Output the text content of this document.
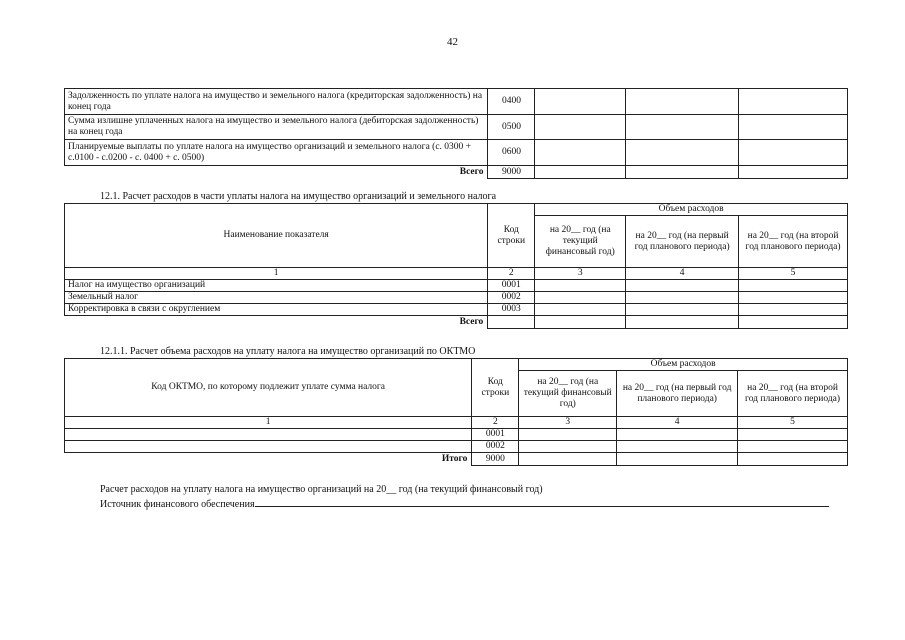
42
Задолженность по уплате налога на имущество и земельного налога (кредиторская задолженность) на конец года	0400			
Сумма излишне уплаченных налога на имущество и земельного налога (дебиторская задолженность) на конец года	0500			
Планируемые выплаты по уплате налога на имущество организаций и земельного налога (с. 0300 + с.0100 - с.0200 - с. 0400 + с. 0500)	0600			
Всего	9000			
12.1. Расчет расходов в части уплаты налога на имущество организаций и земельного налога
Наименование показателя	Код строки	Объем расходов		
		на 20__ год (на текущий финансовый год)	на 20__ год (на первый год планового периода)	на 20__ год (на второй год планового периода)
1	2	3	4	5
Налог на имущество организаций	0001			
Земельный налог	0002			
Корректировка в связи с округлением	0003			
Всего				
12.1.1. Расчет объема расходов на уплату налога на имущество организаций по ОКТМО
Код ОКТМО, по которому подлежит уплате сумма налога	Код строки	Объем расходов		
		на 20__ год (на текущий финансовый год)	на 20__ год (на первый год планового периода)	на 20__ год (на второй год планового периода)
1	2	3	4	5
	0001			
	0002			
Итого	9000			
Расчет расходов на уплату налога на имущество организаций на 20__ год (на текущий финансовый год)
Источник финансового обеспечения
